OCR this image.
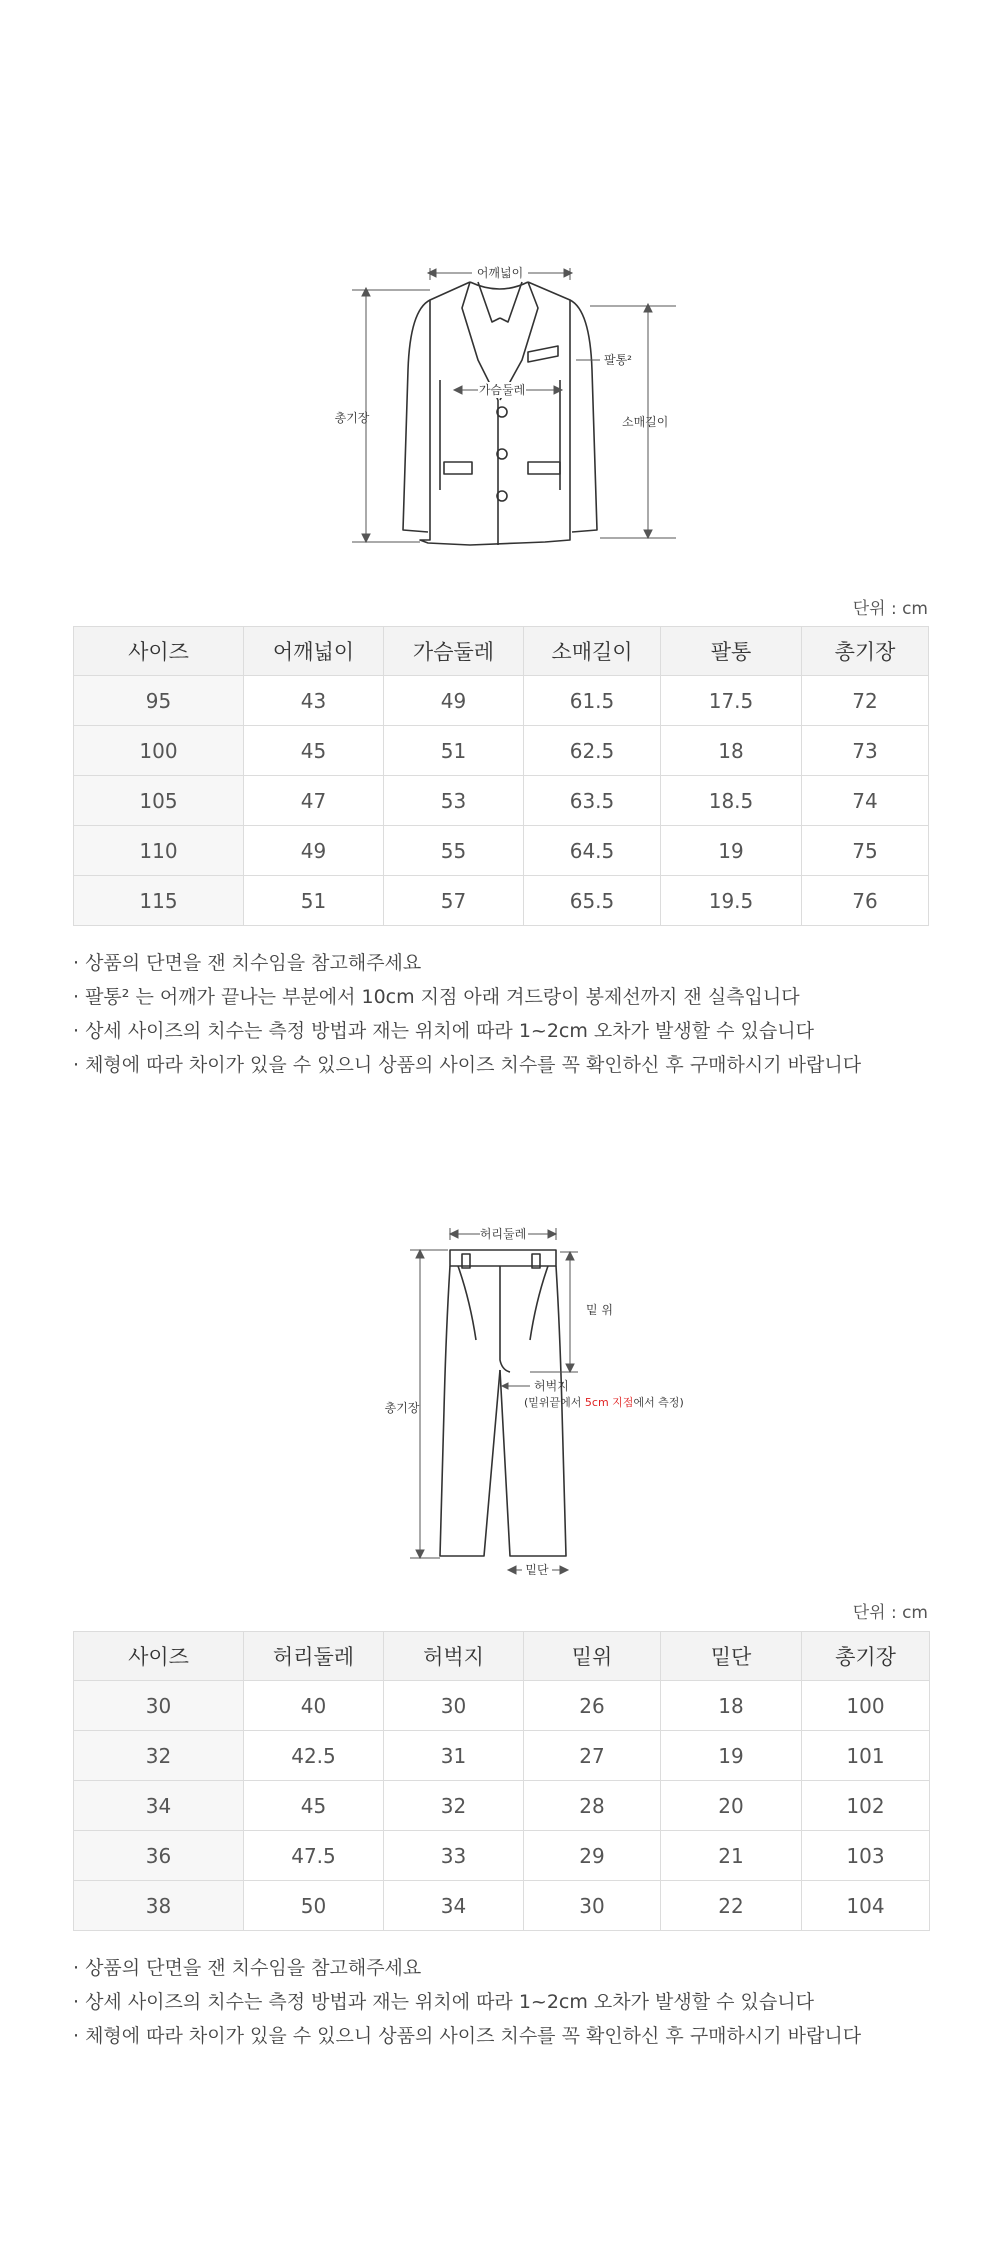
어깨넓이
가슴둘레
팔통²
총기장	소매길이
단위 : cm
사이즈	어깨넓이	가슴둘레	소매길이	팔통	총기장
95	43	49	61.5	17.5	72
100	45	51	62.5	18	73
105	47	53	63.5	18.5	74
110	49	55	64.5	19	75
115	51	57	65.5	19.5	76
· 상품의 단면을 잰 치수임을 참고해주세요
· 팔통² 는 어깨가 끝나는 부분에서 10cm 지점 아래 겨드랑이 봉제선까지 잰 실측입니다
· 상세 사이즈의 치수는 측정 방법과 재는 위치에 따라 1~2cm 오차가 발생할 수 있습니다
· 체형에 따라 차이가 있을 수 있으니 상품의 사이즈 치수를 꼭 확인하신 후 구매하시기 바랍니다
허리둘레
밑 위
허벅지
(밑위끝에서 5cm 지점에서 측정)
총기장
밑단
단위 : cm
사이즈	허리둘레	허벅지	밑위	밑단	총기장
30	40	30	26	18	100
32	42.5	31	27	19	101
34	45	32	28	20	102
36	47.5	33	29	21	103
38	50	34	30	22	104
· 상품의 단면을 잰 치수임을 참고해주세요
· 상세 사이즈의 치수는 측정 방법과 재는 위치에 따라 1~2cm 오차가 발생할 수 있습니다
· 체형에 따라 차이가 있을 수 있으니 상품의 사이즈 치수를 꼭 확인하신 후 구매하시기 바랍니다
